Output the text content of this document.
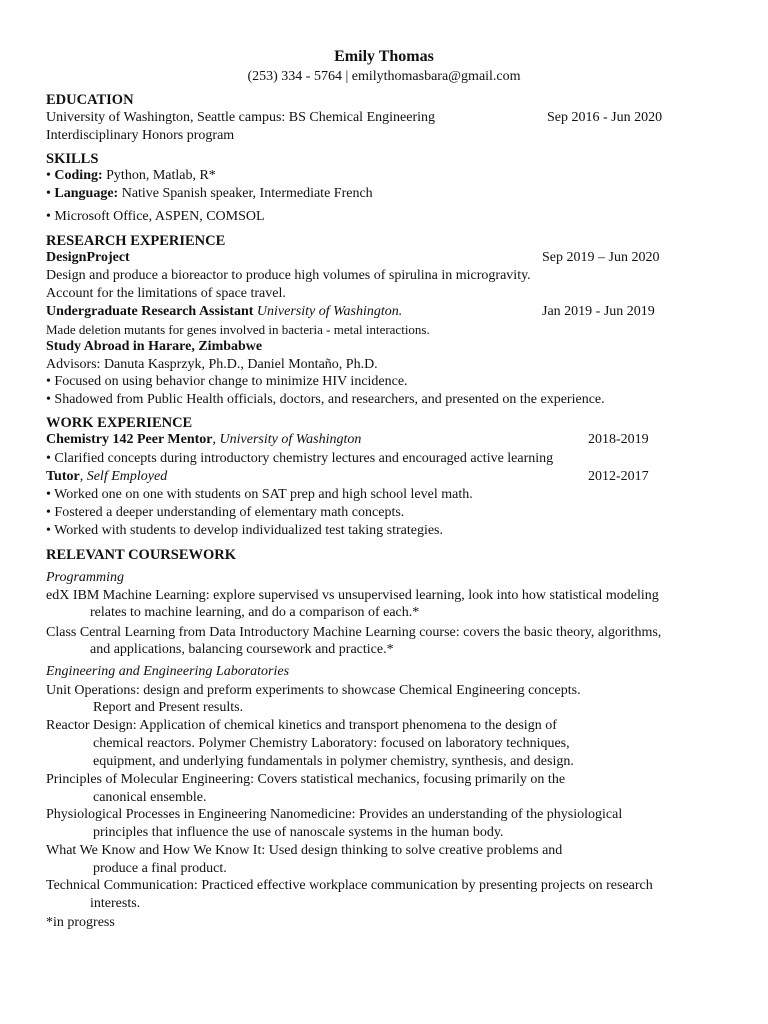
Emily Thomas
(253) 334 - 5764 | emilythomasbara@gmail.com
EDUCATION
University of Washington, Seattle campus: BS Chemical Engineering	Sep 2016 - Jun 2020
Interdisciplinary Honors program
SKILLS
• Coding: Python, Matlab, R*
• Language: Native Spanish speaker, Intermediate French
• Microsoft Office, ASPEN, COMSOL
RESEARCH EXPERIENCE
DesignProject	Sep 2019 – Jun 2020
Design and produce a bioreactor to produce high volumes of spirulina in microgravity.
Account for the limitations of space travel.
Undergraduate Research Assistant University of Washington.	Jan 2019 - Jun 2019
Made deletion mutants for genes involved in bacteria - metal interactions.
Study Abroad in Harare, Zimbabwe
Advisors: Danuta Kasprzyk, Ph.D., Daniel Montaño, Ph.D.
• Focused on using behavior change to minimize HIV incidence.
• Shadowed from Public Health officials, doctors, and researchers, and presented on the experience.
WORK EXPERIENCE
Chemistry 142 Peer Mentor, University of Washington	2018-2019
• Clarified concepts during introductory chemistry lectures and encouraged active learning
Tutor, Self Employed	2012-2017
• Worked one on one with students on SAT prep and high school level math.
• Fostered a deeper understanding of elementary math concepts.
• Worked with students to develop individualized test taking strategies.
RELEVANT COURSEWORK
Programming
edX IBM Machine Learning: explore supervised vs unsupervised learning, look into how statistical modeling
relates to machine learning, and do a comparison of each.*
Class Central Learning from Data Introductory Machine Learning course: covers the basic theory, algorithms,
and applications, balancing coursework and practice.*
Engineering and Engineering Laboratories
Unit Operations: design and preform experiments to showcase Chemical Engineering concepts.
Report and Present results.
Reactor Design: Application of chemical kinetics and transport phenomena to the design of
chemical reactors. Polymer Chemistry Laboratory: focused on laboratory techniques,
equipment, and underlying fundamentals in polymer chemistry, synthesis, and design.
Principles of Molecular Engineering: Covers statistical mechanics, focusing primarily on the
canonical ensemble.
Physiological Processes in Engineering Nanomedicine: Provides an understanding of the physiological
principles that influence the use of nanoscale systems in the human body.
What We Know and How We Know It: Used design thinking to solve creative problems and
produce a final product.
Technical Communication: Practiced effective workplace communication by presenting projects on research
interests.
*in progress
